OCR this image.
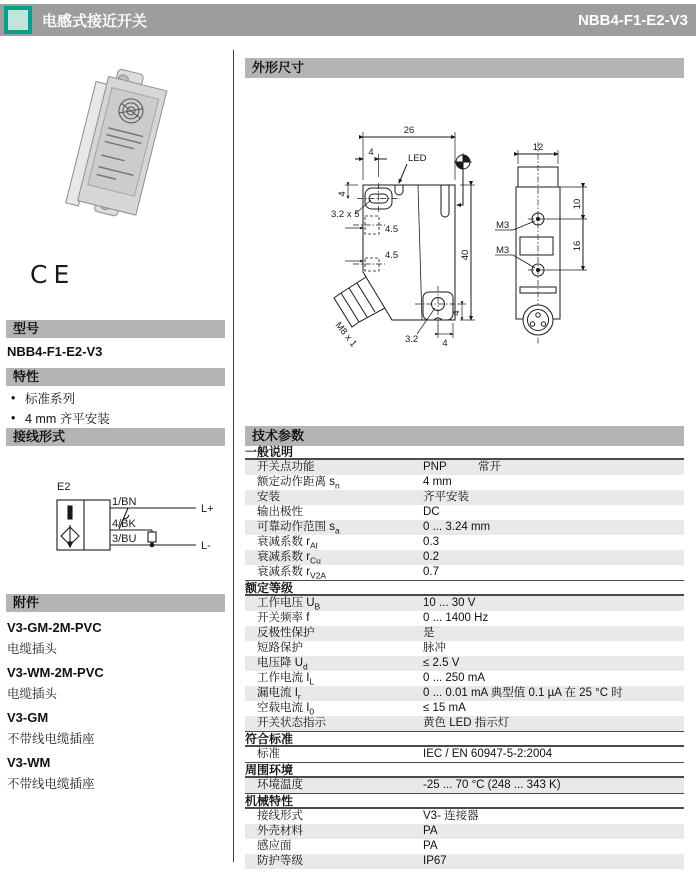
电感式接近开关	NBB4-F1-E2-V3
CE
型号
NBB4-F1-E2-V3
特性
• 标准系列
• 4 mm 齐平安装
接线形式
E2
1/BN
4/BK
3/BU
L+
L-
附件
V3-GM-2M-PVC
电缆插头
V3-WM-2M-PVC
电缆插头
V3-GM
不带线电缆插座
V3-WM
不带线电缆插座
外形尺寸
26
4
LED
3.2 x 5
4
4.5
4.5	40
M3
M3
M8 x 1	3.2	4
4
12
10
16
技术参数
一般说明
开关点功能	PNP	常开
额定动作距离 $s_n$	4 mm
安装	齐平安装
输出极性	DC
可靠动作范围 $s_a$	0 ... 3.24 mm
衰减系数 $r_{Al}$	0.3
衰减系数 $r_{Cu}$	0.2
衰减系数 $r_{V2A}$	0.7
额定等级
工作电压 $U_B$	10 ... 30 V
开关频率 f	0 ... 1400 Hz
反极性保护	是
短路保护	脉冲
电压降 $U_d$	≤ 2.5 V
工作电流 $I_L$	0 ... 250 mA
漏电流 $I_r$	0 ... 0.01 mA 典型值 0.1 µA 在 25 °C 时
空载电流 $I_0$	≤ 15 mA
开关状态指示	黄色 LED 指示灯
符合标准
标准	IEC / EN 60947-5-2:2004
周围环境
环境温度	-25 ... 70 °C (248 ... 343 K)
机械特性
接线形式	V3- 连接器
外壳材料	PA
感应面	PA
防护等级	IP67
